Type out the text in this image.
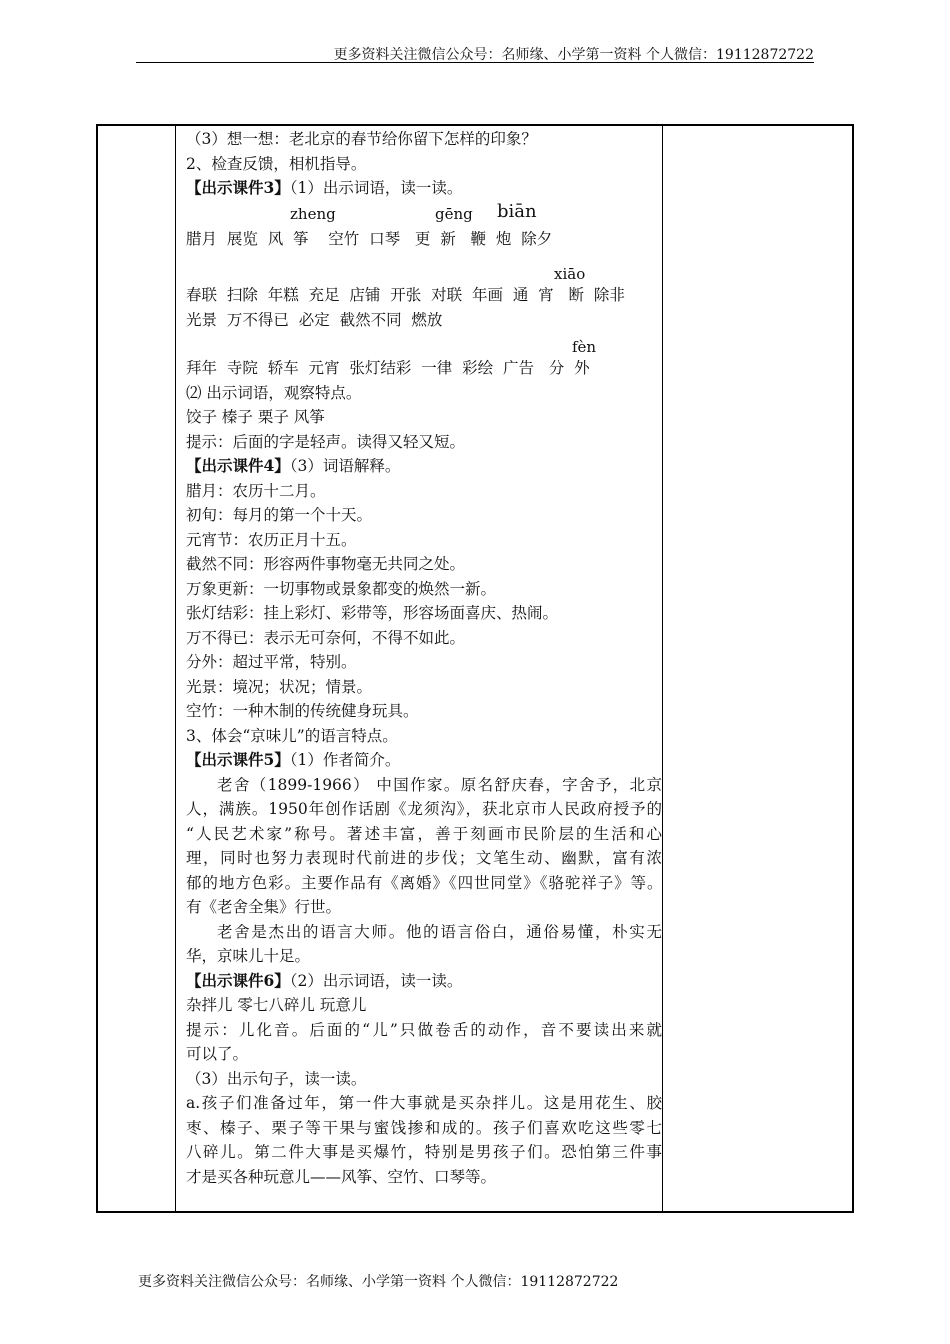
更多资料关注微信公众号：名师缘、小学第一资料 个人微信：19112872722
（3）想一想：老北京的春节给你留下怎样的印象？
2、检查反馈，相机指导。
【出示课件3】（1）出示词语，读一读。
zheng	gēng biān
腊月  展览  风  筝    空竹  口琴   更  新   鞭  炮  除夕
xiāo
春联  扫除  年糕  充足  店铺  开张  对联  年画  通  宵   断  除非
光景  万不得已  必定  截然不同  燃放
fèn
拜年  寺院  轿车  元宵  张灯结彩  一律  彩绘  广告   分  外
⑵ 出示词语，观察特点。
饺子 榛子 栗子 风筝
提示：后面的字是轻声。读得又轻又短。
【出示课件4】（3）词语解释。
腊月：农历十二月。
初旬：每月的第一个十天。
元宵节：农历正月十五。
截然不同：形容两件事物毫无共同之处。
万象更新：一切事物或景象都变的焕然一新。
张灯结彩：挂上彩灯、彩带等，形容场面喜庆、热闹。
万不得已：表示无可奈何，不得不如此。
分外：超过平常，特别。
光景：境况；状况；情景。
空竹：一种木制的传统健身玩具。
3、体会“京味儿”的语言特点。
【出示课件5】（1）作者简介。
老舍（1899-1966） 中国作家。原名舒庆春，字舍予，北京
人，满族。1950年创作话剧《龙须沟》，获北京市人民政府授予的
“人民艺术家”称号。著述丰富，善于刻画市民阶层的生活和心
理，同时也努力表现时代前进的步伐；文笔生动、幽默，富有浓
郁的地方色彩。主要作品有《离婚》《四世同堂》《骆驼祥子》等。
有《老舍全集》行世。
老舍是杰出的语言大师。他的语言俗白，通俗易懂，朴实无
华，京味儿十足。
【出示课件6】（2）出示词语，读一读。
杂拌儿 零七八碎儿 玩意儿
提示：儿化音。后面的“儿”只做卷舌的动作，音不要读出来就
可以了。
（3）出示句子，读一读。
a.孩子们准备过年，第一件大事就是买杂拌儿。这是用花生、胶
枣、榛子、栗子等干果与蜜饯掺和成的。孩子们喜欢吃这些零七
八碎儿。第二件大事是买爆竹，特别是男孩子们。恐怕第三件事
才是买各种玩意儿——风筝、空竹、口琴等。
更多资料关注微信公众号：名师缘、小学第一资料 个人微信：19112872722
